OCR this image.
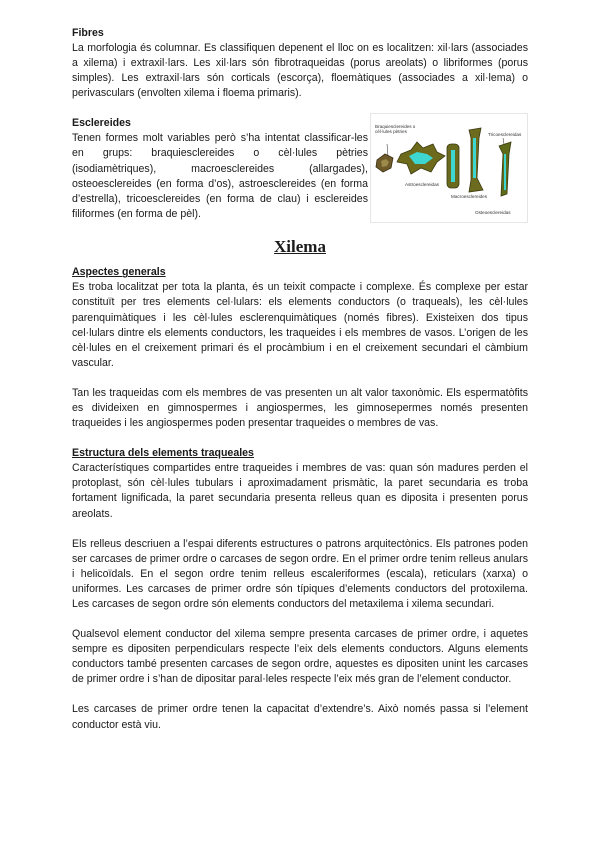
Fibres

La morfologia és columnar. Es classifiquen depenent el lloc on es localitzen: xil·lars (associades a xilema) i extraxil·lars. Les xil·lars són fibrotraqueidas (porus areolats) o libriformes (porus simples). Les extraxil·lars són corticals (escorça), floemàtiques (associades a xil·lema) o perivasculars (envolten xilema i floema primaris).

Esclereides

Tenen formes molt variables però s’ha intentat classificar-les en grups: braquiesclereides o cèl·lules pètries (isodiamètriques), macroesclereides (allargades), osteoesclereides (en forma d’os), astroesclereides (en forma d’estrella), tricoesclereides (en forma de clau) i esclereides filiformes (en forma de pèl).

Braquiesclereides o cèl·lules pètries
Tricoesclereidas
Astroesclereidas
Macroesclereides
Osteoesclereidas
Xilema
Aspectes generals

Es troba localitzat per tota la planta, és un teixit compacte i complexe. És complexe per estar constituït per tres elements cel·lulars: els elements conductors (o traqueals), les cèl·lules parenquimàtiques i les cèl·lules esclerenquimàtiques (només fibres). Existeixen dos tipus cel·lulars dintre els elements conductors, les traqueides i els membres de vasos. L’origen de les cèl·lules en el creixement primari és el procàmbium i en el creixement secundari el càmbium vascular.

Tan les traqueidas com els membres de vas presenten un alt valor taxonòmic. Els espermatòfits es divideixen en gimnospermes i angiospermes, les gimnosepermes només presenten traqueides i les angiospermes poden presentar traqueides o membres de vas.

Estructura dels elements traqueales

Característiques compartides entre traqueides i membres de vas: quan són madures perden el protoplast, són cèl·lules tubulars i aproximadament prismàtic, la paret secundaria es troba fortament lignificada, la paret secundaria presenta relleus quan es diposita i presenten porus areolats.

Els relleus descriuen a l’espai diferents estructures o patrons arquitectònics. Els patrones poden ser carcases de primer ordre o carcases de segon ordre. En el primer ordre tenim relleus anulars i helicoïdals. En el segon ordre tenim relleus escaleriformes (escala), reticulars (xarxa) o uniformes. Les carcases de primer ordre són típiques d’elements conductors del protoxilema. Les carcases de segon ordre són elements conductors del metaxilema i xilema secundari.

Qualsevol element conductor del xilema sempre presenta carcases de primer ordre, i aquetes sempre es dipositen perpendiculars respecte l’eix dels elements conductors. Alguns elements conductors també presenten carcases de segon ordre, aquestes es dipositen unint les carcases de primer ordre i s’han de dipositar paral·leles respecte l’eix més gran de l’element conductor.

Les carcases de primer ordre tenen la capacitat d’extendre’s. Això només passa si l’element conductor està viu.
